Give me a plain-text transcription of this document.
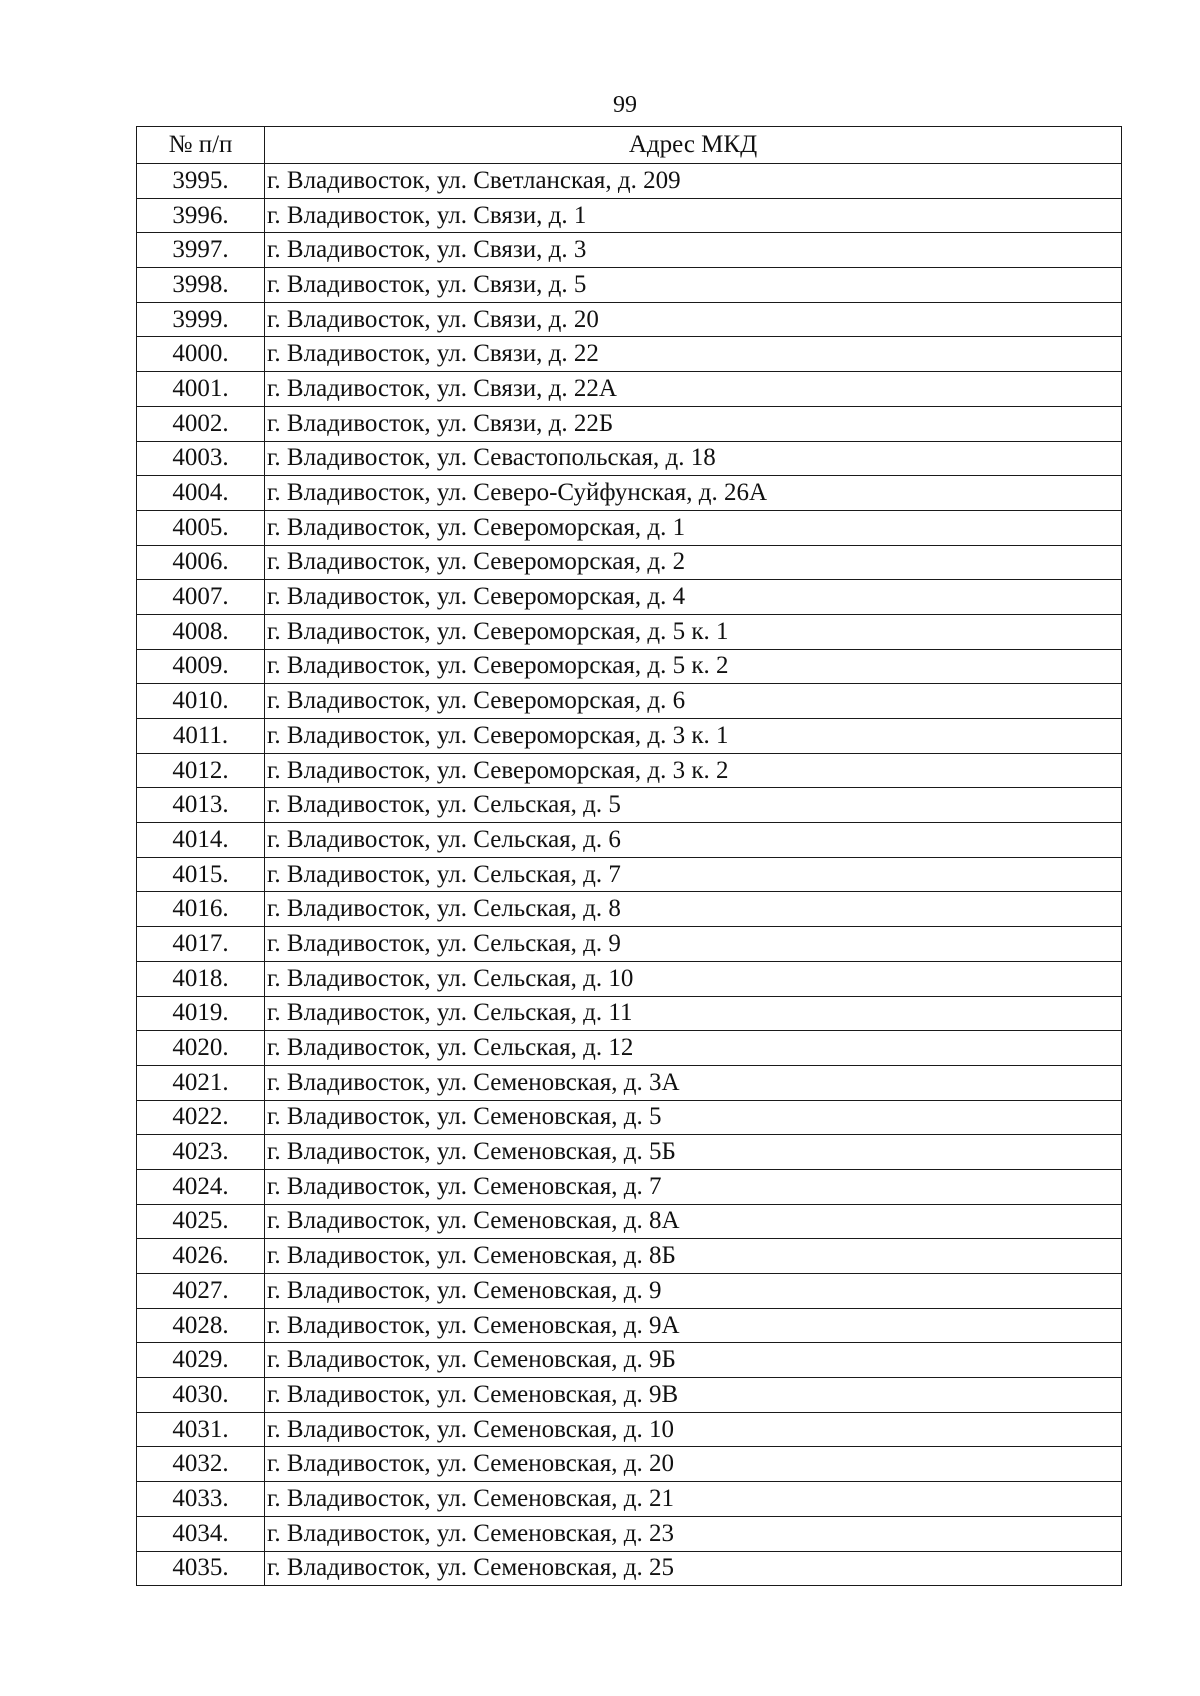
99
№ п/п	Адрес МКД
3995.	г. Владивосток, ул. Светланская, д. 209
3996.	г. Владивосток, ул. Связи, д. 1
3997.	г. Владивосток, ул. Связи, д. 3
3998.	г. Владивосток, ул. Связи, д. 5
3999.	г. Владивосток, ул. Связи, д. 20
4000.	г. Владивосток, ул. Связи, д. 22
4001.	г. Владивосток, ул. Связи, д. 22А
4002.	г. Владивосток, ул. Связи, д. 22Б
4003.	г. Владивосток, ул. Севастопольская, д. 18
4004.	г. Владивосток, ул. Северо-Суйфунская, д. 26А
4005.	г. Владивосток, ул. Североморская, д. 1
4006.	г. Владивосток, ул. Североморская, д. 2
4007.	г. Владивосток, ул. Североморская, д. 4
4008.	г. Владивосток, ул. Североморская, д. 5 к. 1
4009.	г. Владивосток, ул. Североморская, д. 5 к. 2
4010.	г. Владивосток, ул. Североморская, д. 6
4011.	г. Владивосток, ул. Североморская, д. 3 к. 1
4012.	г. Владивосток, ул. Североморская, д. 3 к. 2
4013.	г. Владивосток, ул. Сельская, д. 5
4014.	г. Владивосток, ул. Сельская, д. 6
4015.	г. Владивосток, ул. Сельская, д. 7
4016.	г. Владивосток, ул. Сельская, д. 8
4017.	г. Владивосток, ул. Сельская, д. 9
4018.	г. Владивосток, ул. Сельская, д. 10
4019.	г. Владивосток, ул. Сельская, д. 11
4020.	г. Владивосток, ул. Сельская, д. 12
4021.	г. Владивосток, ул. Семеновская, д. 3А
4022.	г. Владивосток, ул. Семеновская, д. 5
4023.	г. Владивосток, ул. Семеновская, д. 5Б
4024.	г. Владивосток, ул. Семеновская, д. 7
4025.	г. Владивосток, ул. Семеновская, д. 8А
4026.	г. Владивосток, ул. Семеновская, д. 8Б
4027.	г. Владивосток, ул. Семеновская, д. 9
4028.	г. Владивосток, ул. Семеновская, д. 9А
4029.	г. Владивосток, ул. Семеновская, д. 9Б
4030.	г. Владивосток, ул. Семеновская, д. 9В
4031.	г. Владивосток, ул. Семеновская, д. 10
4032.	г. Владивосток, ул. Семеновская, д. 20
4033.	г. Владивосток, ул. Семеновская, д. 21
4034.	г. Владивосток, ул. Семеновская, д. 23
4035.	г. Владивосток, ул. Семеновская, д. 25
